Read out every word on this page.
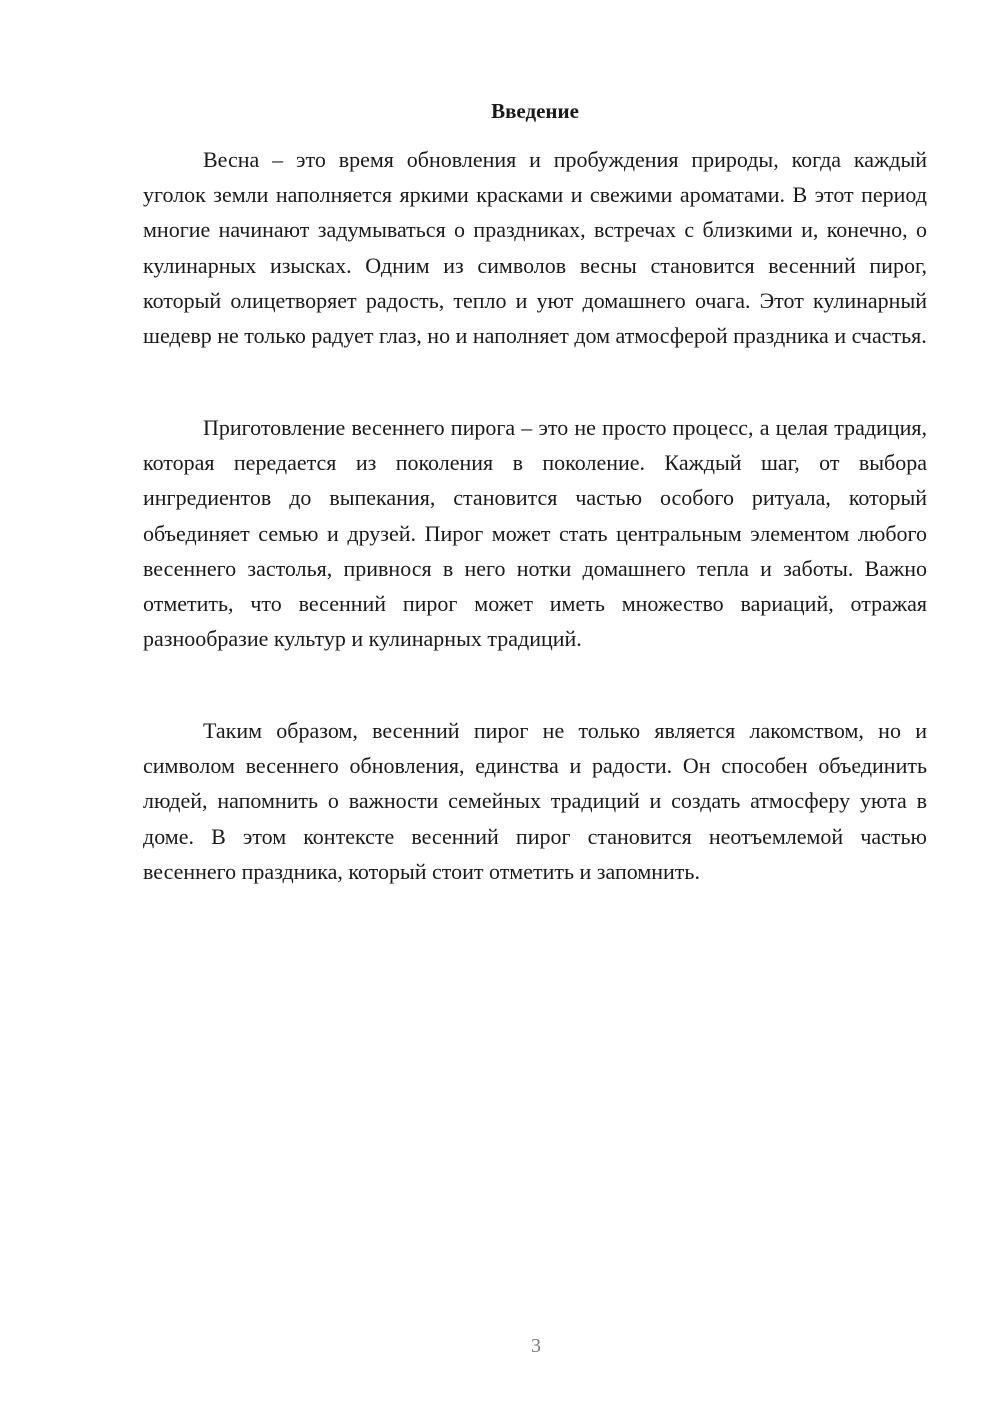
Введение

Весна – это время обновления и пробуждения природы, когда каждый уголок земли наполняется яркими красками и свежими ароматами. В этот период многие начинают задумываться о праздниках, встречах с близкими и, конечно, о кулинарных изысках. Одним из символов весны становится весенний пирог, который олицетворяет радость, тепло и уют домашнего очага. Этот кулинарный шедевр не только радует глаз, но и наполняет дом атмосферой праздника и счастья.

Приготовление весеннего пирога – это не просто процесс, а целая традиция, которая передается из поколения в поколение. Каждый шаг, от выбора ингредиентов до выпекания, становится частью особого ритуала, который объединяет семью и друзей. Пирог может стать центральным элементом любого весеннего застолья, привнося в него нотки домашнего тепла и заботы. Важно отметить, что весенний пирог может иметь множество вариаций, отражая разнообразие культур и кулинарных традиций.

Таким образом, весенний пирог не только является лакомством, но и символом весеннего обновления, единства и радости. Он способен объединить людей, напомнить о важности семейных традиций и создать атмосферу уюта в доме. В этом контексте весенний пирог становится неотъемлемой частью весеннего праздника, который стоит отметить и запомнить.

3
